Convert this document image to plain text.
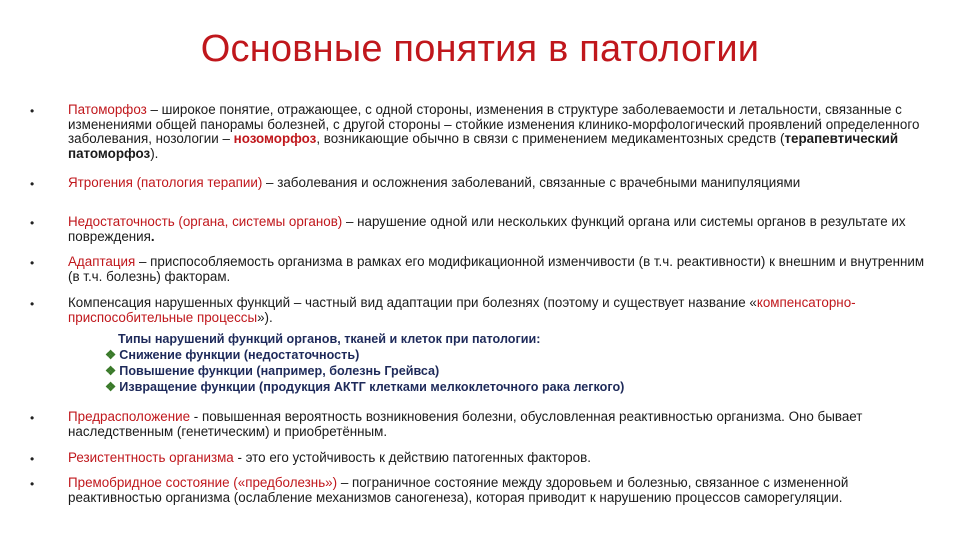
Основные понятия в патологии
•	Патоморфоз – широкое понятие, отражающее, с одной стороны, изменения в структуре заболеваемости и летальности, связанные с изменениями общей панорамы болезней, с другой стороны – стойкие изменения клинико-морфологический проявлений определенного заболевания, нозологии – нозоморфоз, возникающие обычно в связи с применением медикаментозных средств (терапевтический патоморфоз).
•	Ятрогения (патология терапии) – заболевания и осложнения заболеваний, связанные с врачебными манипуляциями
•	Недостаточность (органа, системы органов) – нарушение одной или нескольких функций органа или системы органов в результате их повреждения.
•	Адаптация – приспособляемость организма в рамках его модификационной изменчивости (в т.ч. реактивности) к внешним и внутренним (в т.ч. болезнь) факторам.
•	Компенсация нарушенных функций – частный вид адаптации при болезнях (поэтому и существует название «компенсаторно-приспособительные процессы»).
Типы нарушений функций органов, тканей и клеток при патологии:
❖ Снижение функции (недостаточность)
❖ Повышение функции (например, болезнь Грейвса)
❖ Извращение функции (продукция АКТГ клетками мелкоклеточного рака легкого)
•	Предрасположение - повышенная вероятность возникновения болезни, обусловленная реактивностью организма. Оно бывает наследственным (генетическим) и приобретённым.
•	Резистентность организма - это его устойчивость к действию патогенных факторов.
•	Премобридное состояние («предболезнь») – пограничное состояние между здоровьем и болезнью, связанное с измененной реактивностью организма (ослабление механизмов саногенеза), которая приводит к нарушению процессов саморегуляции.
